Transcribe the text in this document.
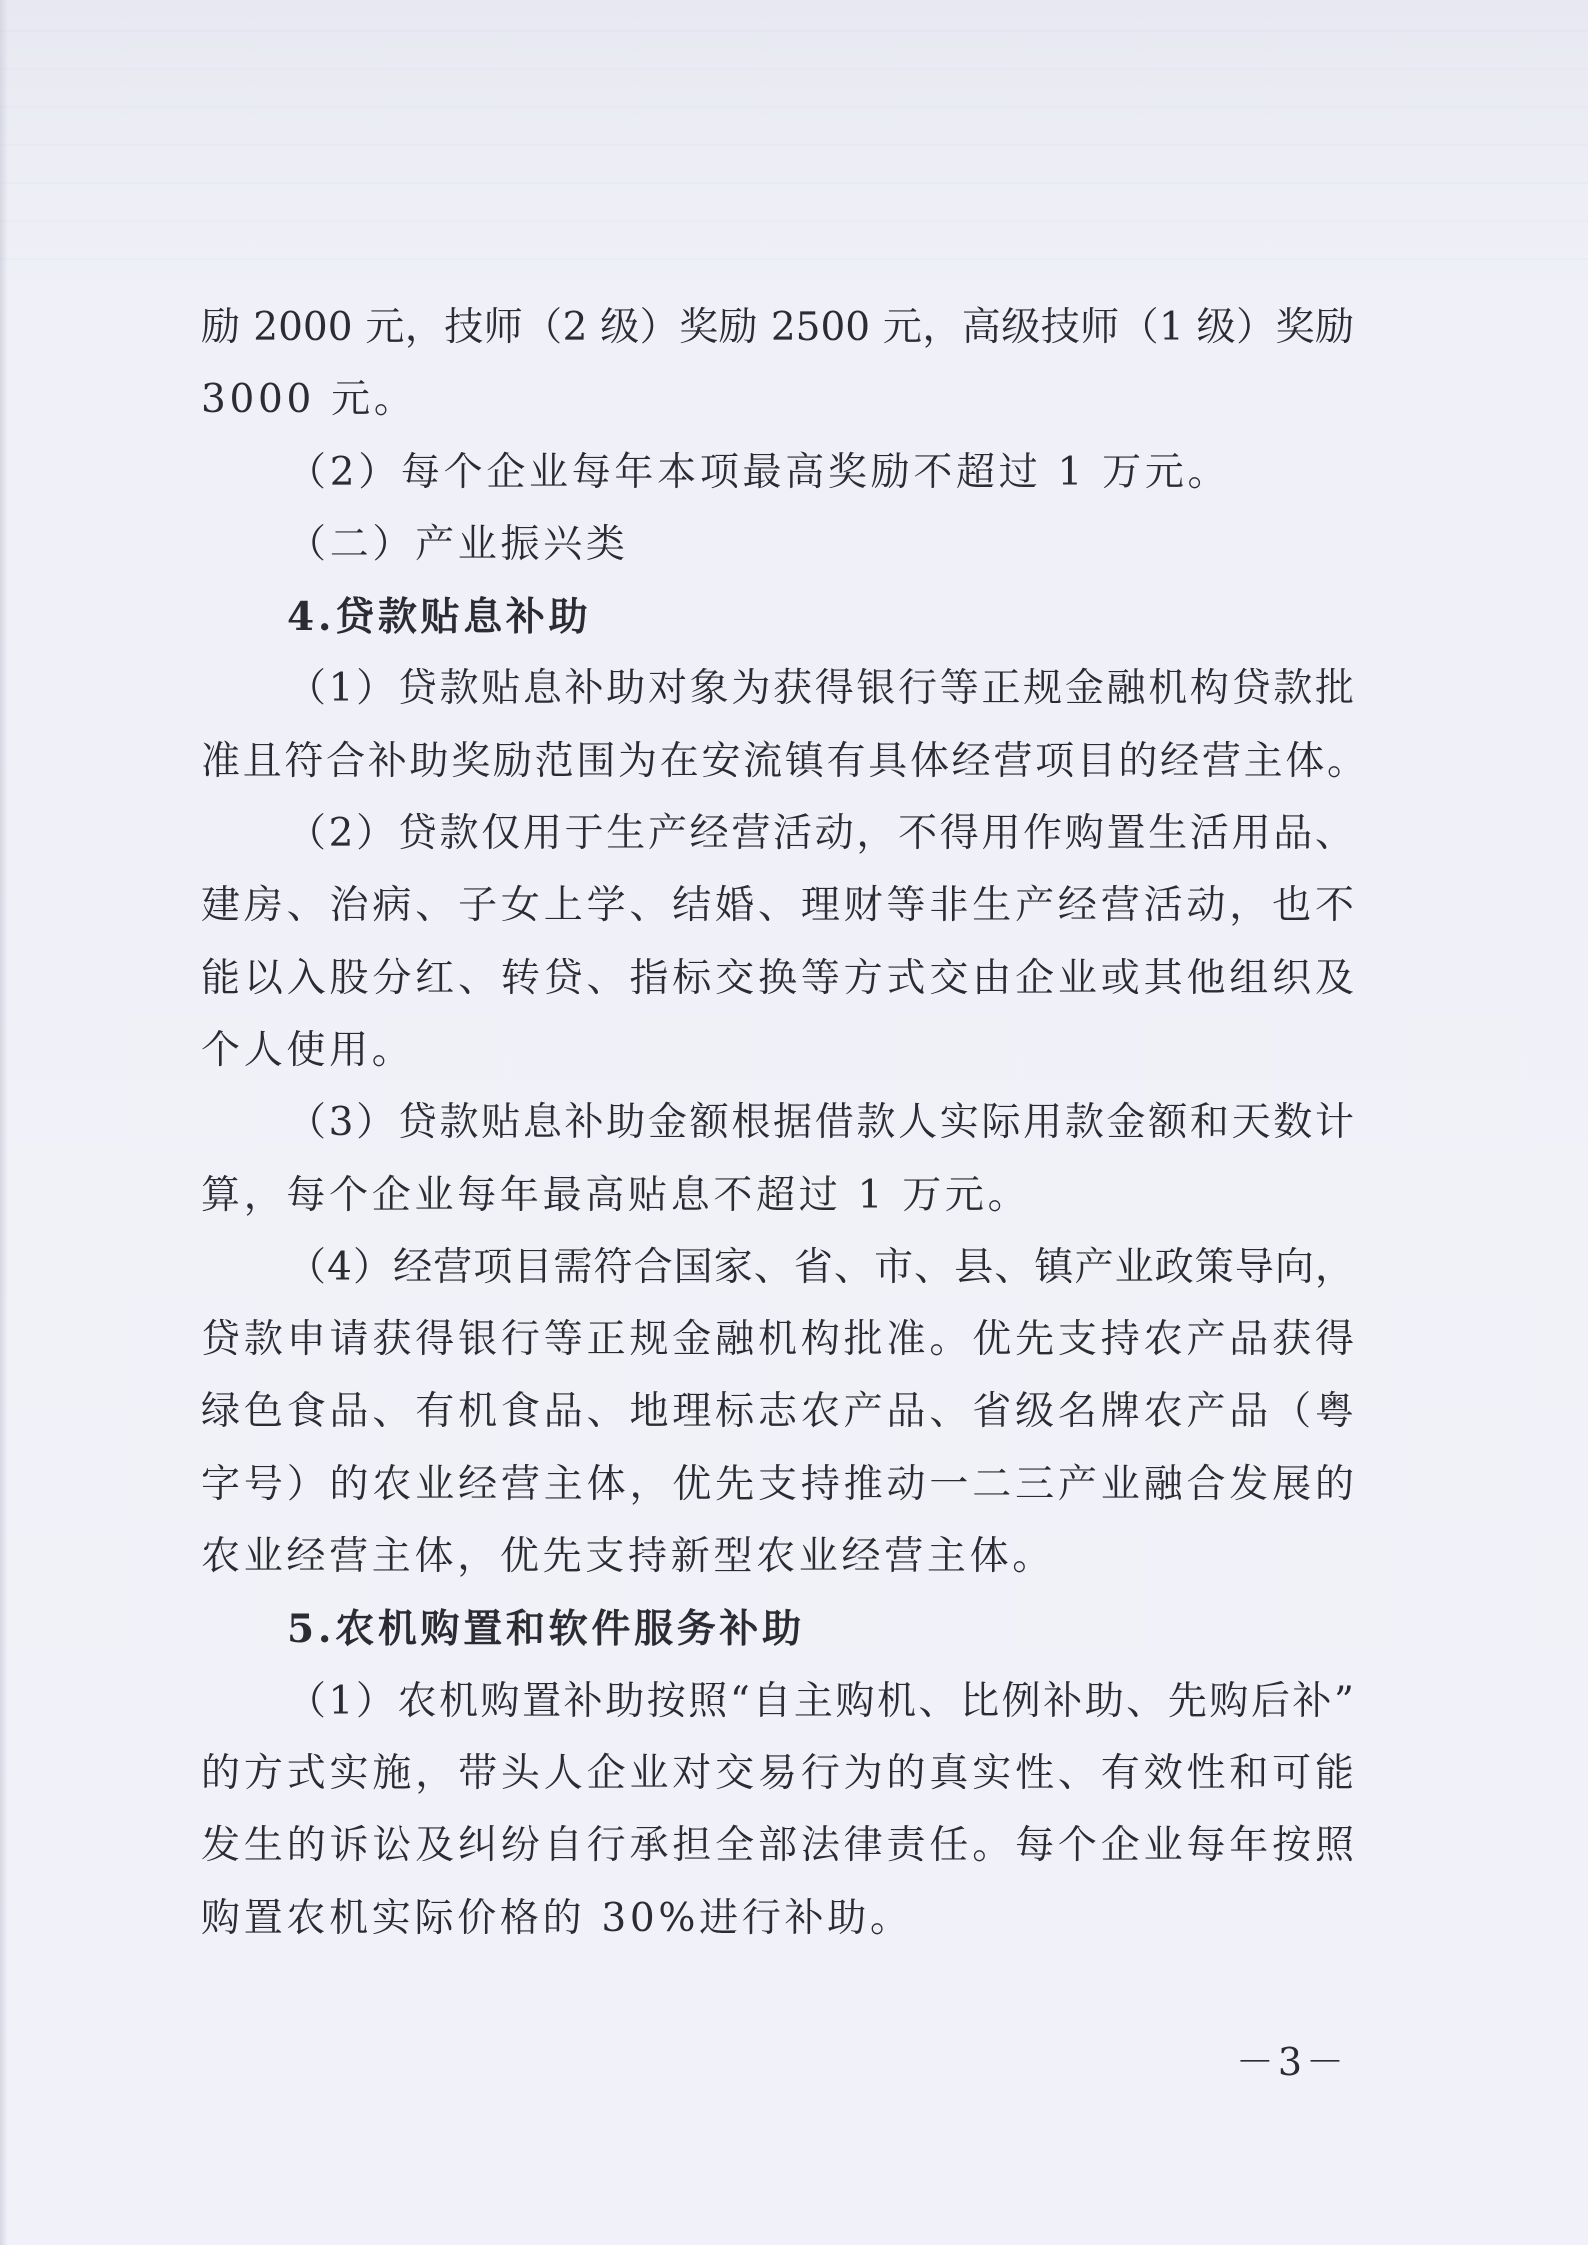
励 2000 元，技师（2 级）奖励 2500 元，高级技师（1 级）奖励
3000 元。
（2）每个企业每年本项最高奖励不超过 1 万元。
（二）产业振兴类
4.贷款贴息补助
（1）贷款贴息补助对象为获得银行等正规金融机构贷款批
准且符合补助奖励范围为在安流镇有具体经营项目的经营主体。
（2）贷款仅用于生产经营活动，不得用作购置生活用品、
建房、治病、子女上学、结婚、理财等非生产经营活动，也不
能以入股分红、转贷、指标交换等方式交由企业或其他组织及
个人使用。
（3）贷款贴息补助金额根据借款人实际用款金额和天数计
算，每个企业每年最高贴息不超过 1 万元。
（4）经营项目需符合国家、省、市、县、镇产业政策导向，
贷款申请获得银行等正规金融机构批准。优先支持农产品获得
绿色食品、有机食品、地理标志农产品、省级名牌农产品（粤
字号）的农业经营主体，优先支持推动一二三产业融合发展的
农业经营主体，优先支持新型农业经营主体。
5.农机购置和软件服务补助
（1）农机购置补助按照“自主购机、比例补助、先购后补”
的方式实施，带头人企业对交易行为的真实性、有效性和可能
发生的诉讼及纠纷自行承担全部法律责任。每个企业每年按照
购置农机实际价格的 30%进行补助。
－3－
